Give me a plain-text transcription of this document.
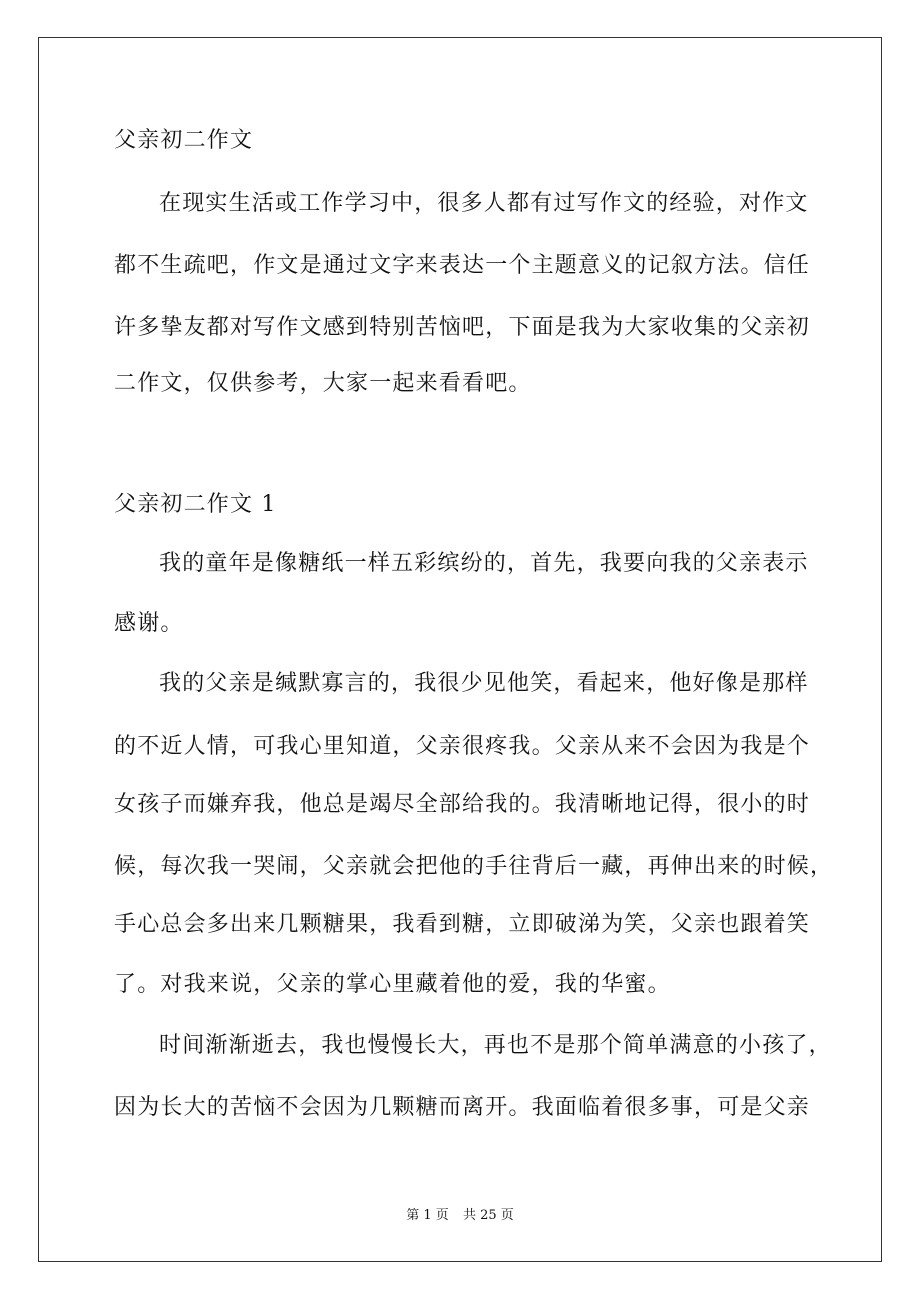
父亲初二作文
在现实生活或工作学习中，很多人都有过写作文的经验，对作文
都不生疏吧，作文是通过文字来表达一个主题意义的记叙方法。信任
许多挚友都对写作文感到特别苦恼吧，下面是我为大家收集的父亲初
二作文，仅供参考，大家一起来看看吧。
父亲初二作文 1
我的童年是像糖纸一样五彩缤纷的，首先，我要向我的父亲表示
感谢。
我的父亲是缄默寡言的，我很少见他笑，看起来，他好像是那样
的不近人情，可我心里知道，父亲很疼我。父亲从来不会因为我是个
女孩子而嫌弃我，他总是竭尽全部给我的。我清晰地记得，很小的时
候，每次我一哭闹，父亲就会把他的手往背后一藏，再伸出来的时候，
手心总会多出来几颗糖果，我看到糖，立即破涕为笑，父亲也跟着笑
了。对我来说，父亲的掌心里藏着他的爱，我的华蜜。
时间渐渐逝去，我也慢慢长大，再也不是那个简单满意的小孩了，
因为长大的苦恼不会因为几颗糖而离开。我面临着很多事，可是父亲
第 1 页 共 25 页
